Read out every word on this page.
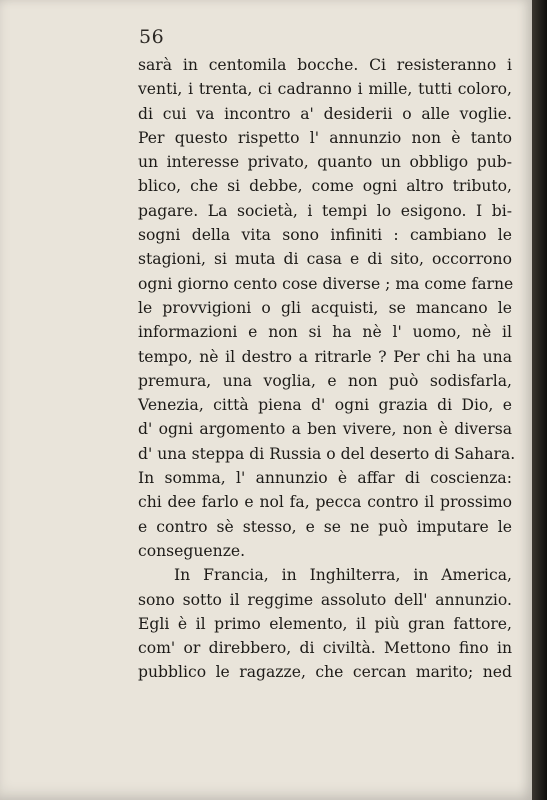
56
sarà in centomila bocche. Ci resisteranno i
venti, i trenta, ci cadranno i mille, tutti coloro,
di cui va incontro a' desiderii o alle voglie.
Per questo rispetto l' annunzio non è tanto
un interesse privato, quanto un obbligo pub-
blico, che si debbe, come ogni altro tributo,
pagare. La società, i tempi lo esigono. I bi-
sogni della vita sono infiniti : cambiano le
stagioni, si muta di casa e di sito, occorrono
ogni giorno cento cose diverse ; ma come farne
le provvigioni o gli acquisti, se mancano le
informazioni e non si ha nè l' uomo, nè il
tempo, nè il destro a ritrarle ? Per chi ha una
premura, una voglia, e non può sodisfarla,
Venezia, città piena d' ogni grazia di Dio, e
d' ogni argomento a ben vivere, non è diversa
d' una steppa di Russia o del deserto di Sahara.
In somma, l' annunzio è affar di coscienza:
chi dee farlo e nol fa, pecca contro il prossimo
e contro sè stesso, e se ne può imputare le
conseguenze.
In Francia, in Inghilterra, in America,
sono sotto il reggime assoluto dell' annunzio.
Egli è il primo elemento, il più gran fattore,
com' or direbbero, di civiltà. Mettono fino in
pubblico le ragazze, che cercan marito; ned
